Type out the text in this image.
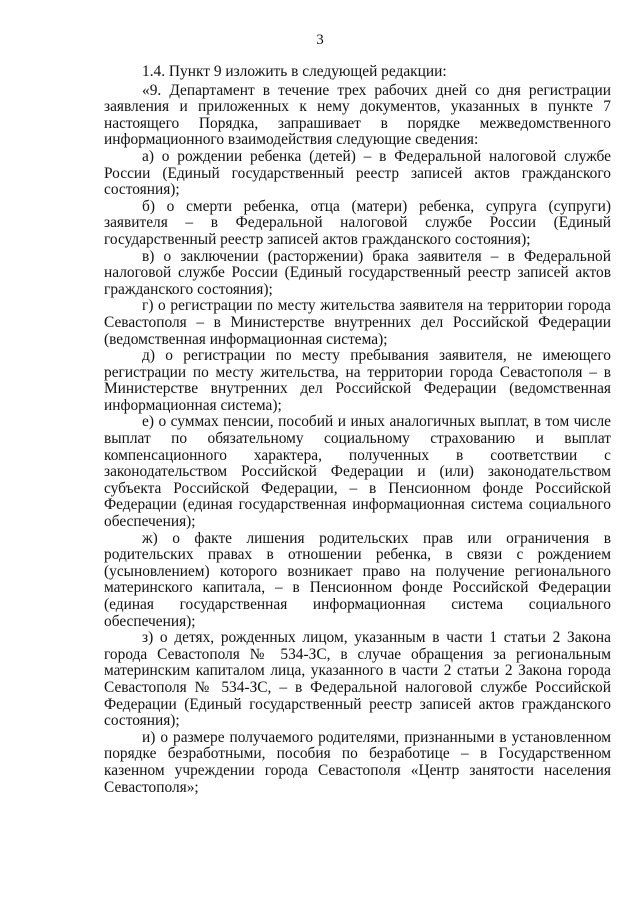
3

1.4. Пункт 9 изложить в следующей редакции:

«9. Департамент в течение трех рабочих дней со дня регистрации заявления и приложенных к нему документов, указанных в пункте 7 настоящего Порядка, запрашивает в порядке межведомственного информационного взаимодействия следующие сведения:

а) о рождении ребенка (детей) – в Федеральной налоговой службе России (Единый государственный реестр записей актов гражданского состояния);

б) о смерти ребенка, отца (матери) ребенка, супруга (супруги) заявителя – в Федеральной налоговой службе России (Единый государственный реестр записей актов гражданского состояния);

в) о заключении (расторжении) брака заявителя – в Федеральной налоговой службе России (Единый государственный реестр записей актов гражданского состояния);

г) о регистрации по месту жительства заявителя на территории города Севастополя – в Министерстве внутренних дел Российской Федерации (ведомственная информационная система);

д) о регистрации по месту пребывания заявителя, не имеющего регистрации по месту жительства, на территории города Севастополя – в Министерстве внутренних дел Российской Федерации (ведомственная информационная система);

е) о суммах пенсии, пособий и иных аналогичных выплат, в том числе выплат по обязательному социальному страхованию и выплат компенсационного характера, полученных в соответствии с законодательством Российской Федерации и (или) законодательством субъекта Российской Федерации, – в Пенсионном фонде Российской Федерации (единая государственная информационная система социального обеспечения);

ж) о факте лишения родительских прав или ограничения в родительских правах в отношении ребенка, в связи с рождением (усыновлением) которого возникает право на получение регионального материнского капитала, – в Пенсионном фонде Российской Федерации (единая государственная информационная система социального обеспечения);

з) о детях, рожденных лицом, указанным в части 1 статьи 2 Закона города Севастополя № 534-ЗС, в случае обращения за региональным материнским капиталом лица, указанного в части 2 статьи 2 Закона города Севастополя № 534-ЗС, – в Федеральной налоговой службе Российской Федерации (Единый государственный реестр записей актов гражданского состояния);

и) о размере получаемого родителями, признанными в установленном порядке безработными, пособия по безработице – в Государственном казенном учреждении города Севастополя «Центр занятости населения Севастополя»;
